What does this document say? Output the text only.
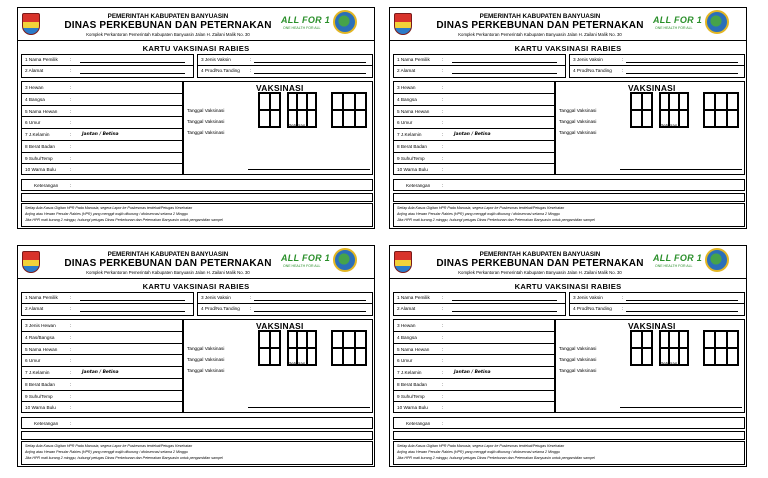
PEMERINTAH KABUPATEN BANYUASIN
DINAS PERKEBUNAN DAN PETERNAKAN
Komplek Perkantoran Pemerintah Kabupaten Banyuasin Jalan H. Zailani Malik No. 30
ALL FOR 1
ONE HEALTH FOR ALL
KARTU VAKSINASI RABIES
1 Nama Pemilik	:
2 Alamat	:
3 Jenis Vaksin	:
4 Prod/No.Tanding :
3 Hewan	:
4 Bangsa	:
5 Nama Hewan	:
6 Umur	:
7 J.Kelamin	: Jantan / Betina
8 Berat Badan	:
9 Suhu/Temp	:
10 Warna Bulu	:
VAKSINASI
Tanggal Vaksinasi
Tanggal Vaksinasi
Tanggal Vaksinasi
Petugas
Keterangan	:
Setiap Ada Kasus Gigitan HPR Pada Manusia, segera Lapor ke Puskesmas terdekat/Petugas Kesehatan
Anjing atau Hewan Penular Rabies (HPR) yang menggit wajib dikurung / diobservasi selama 2 Minggu
Jika HPR mati kurang 2 minggu, hubungi petugas Dinas Perkebunan dan Peternakan Banyuasin untuk pengambilan sampel
PEMERINTAH KABUPATEN BANYUASIN
DINAS PERKEBUNAN DAN PETERNAKAN
Komplek Perkantoran Pemerintah Kabupaten Banyuasin Jalan H. Zailani Malik No. 30
ALL FOR 1
ONE HEALTH FOR ALL
KARTU VAKSINASI RABIES
1 Nama Pemilik	:
2 Alamat	:
3 Jenis Vaksin	:
4 Prod/No.Tanding :
3 Hewan	:
4 Bangsa	:
5 Nama Hewan	:
6 Umur	:
7 J.Kelamin	: Jantan / Betina
8 Berat Badan	:
9 Suhu/Temp	:
10 Warna Bulu	:
VAKSINASI
Tanggal Vaksinasi
Tanggal Vaksinasi
Tanggal Vaksinasi
Petugas
Keterangan	:
Setiap Ada Kasus Gigitan HPR Pada Manusia, segera Lapor ke Puskesmas terdekat/Petugas Kesehatan
Anjing atau Hewan Penular Rabies (HPR) yang menggit wajib dikurung / diobservasi selama 2 Minggu
Jika HPR mati kurang 2 minggu, hubungi petugas Dinas Perkebunan dan Peternakan Banyuasin untuk pengambilan sampel
PEMERINTAH KABUPATEN BANYUASIN
DINAS PERKEBUNAN DAN PETERNAKAN
Komplek Perkantoran Pemerintah Kabupaten Banyuasin Jalan H. Zailani Malik No. 30
ALL FOR 1
ONE HEALTH FOR ALL
KARTU VAKSINASI RABIES
1 Nama Pemilik	:
2 Alamat	:
3 Jenis Vaksin	:
4 Prod/No.Tanding :
3 Jenis Hewan	:
4 Ras/Bangsa	:
5 Nama Hewan	:
6 Umur	:
7 J.Kelamin	: Jantan / Betina
8 Berat Badan	:
9 Suhu/Temp	:
10 Warna Bulu	:
VAKSINASI
Tanggal Vaksinasi
Tanggal Vaksinasi
Tanggal Vaksinasi
Petugas
Keterangan	:
Setiap Ada Kasus Gigitan HPR Pada Manusia, segera Lapor ke Puskesmas terdekat/Petugas Kesehatan
Anjing atau Hewan Penular Rabies (HPR) yang menggit wajib dikurung / diobservasi selama 2 Minggu
Jika HPR mati kurang 2 minggu, hubungi petugas Dinas Perkebunan dan Peternakan Banyuasin untuk pengambilan sampel
PEMERINTAH KABUPATEN BANYUASIN
DINAS PERKEBUNAN DAN PETERNAKAN
Komplek Perkantoran Pemerintah Kabupaten Banyuasin Jalan H. Zailani Malik No. 30
ALL FOR 1
ONE HEALTH FOR ALL
KARTU VAKSINASI RABIES
1 Nama Pemilik	:
2 Alamat	:
3 Jenis Vaksin	:
4 Prod/No.Tanding :
3 Hewan	:
4 Bangsa	:
5 Nama Hewan	:
6 Umur	:
7 J.Kelamin	: Jantan / Betina
8 Berat Badan	:
9 Suhu/Temp	:
10 Warna Bulu	:
VAKSINASI
Tanggal Vaksinasi
Tanggal Vaksinasi
Tanggal Vaksinasi
Petugas
Keterangan	:
Setiap Ada Kasus Gigitan HPR Pada Manusia, segera Lapor ke Puskesmas terdekat/Petugas Kesehatan
Anjing atau Hewan Penular Rabies (HPR) yang menggit wajib dikurung / diobservasi selama 2 Minggu
Jika HPR mati kurang 2 minggu, hubungi petugas Dinas Perkebunan dan Peternakan Banyuasin untuk pengambilan sampel
